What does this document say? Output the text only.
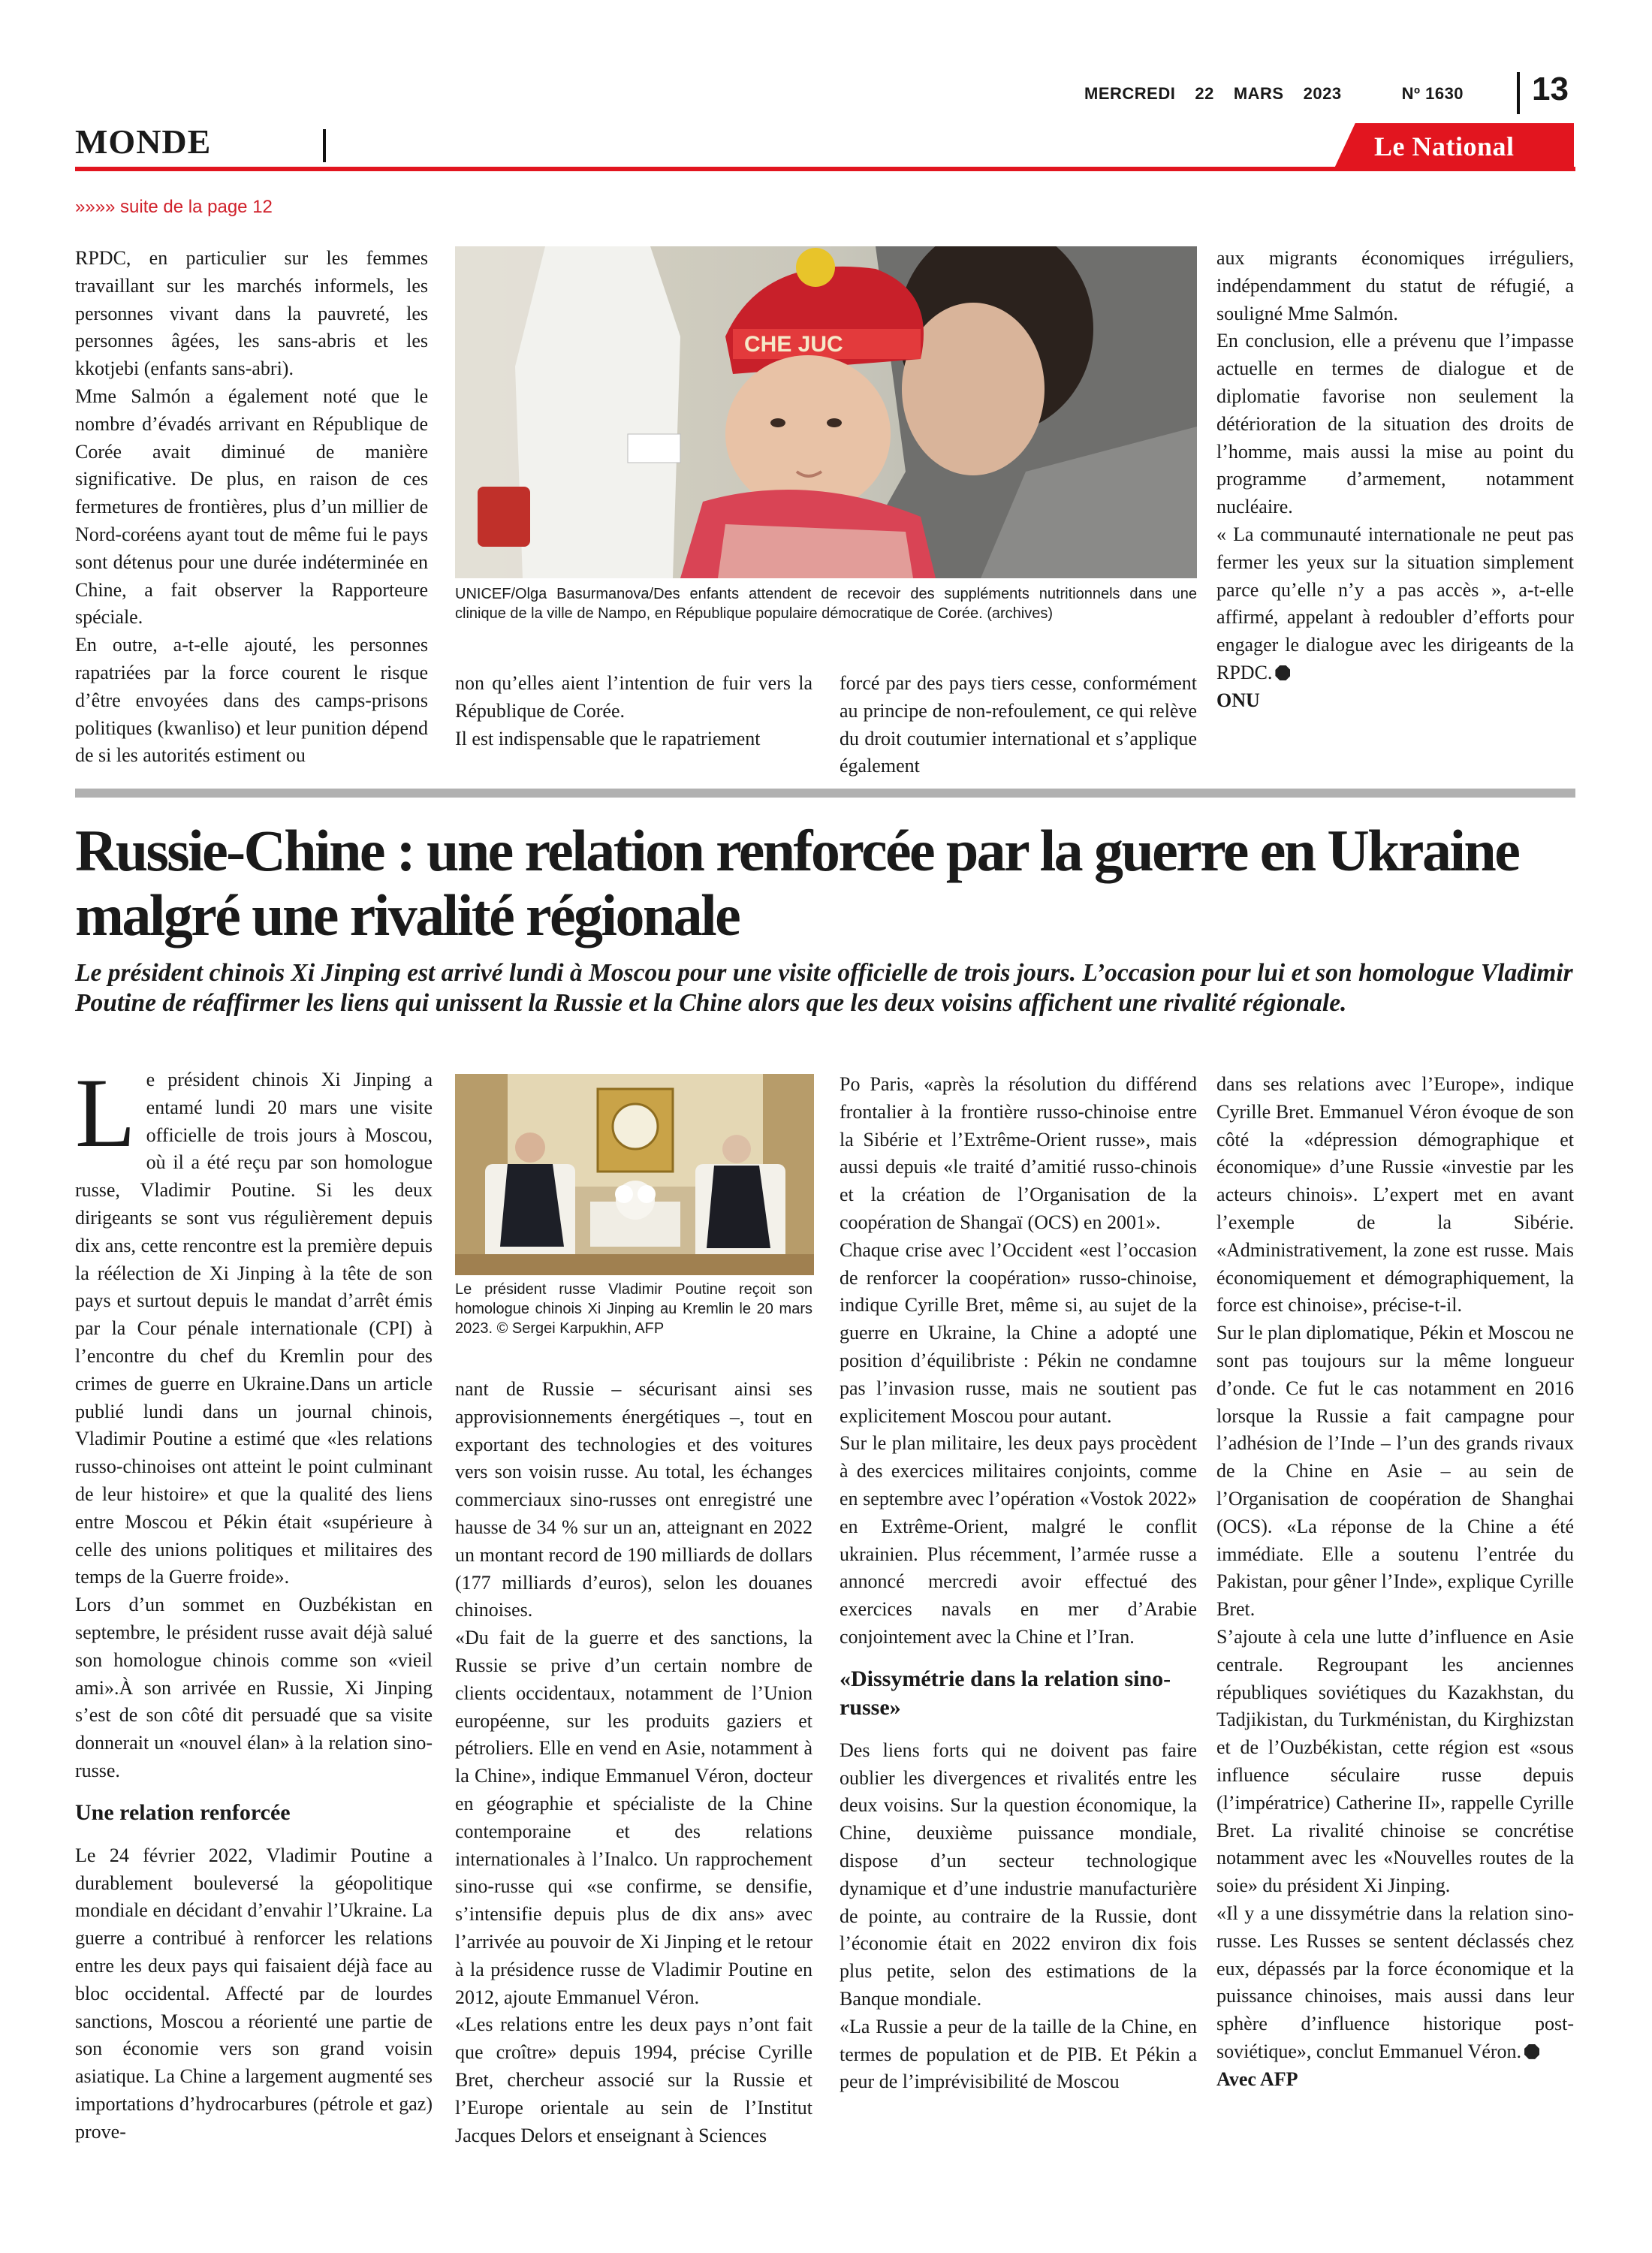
MERCREDI 22 MARS 2023	Nº 1630	13
MONDE	Le National
»»»» suite de la page 12

RPDC, en particulier sur les femmes travaillant sur les marchés informels, les personnes vivant dans la pauvreté, les personnes âgées, les sans-abris et les kkotjebi (enfants sans-abri).

Mme Salmón a également noté que le nombre d’évadés arrivant en République de Corée avait diminué de manière significative. De plus, en raison de ces fermetures de frontières, plus d’un millier de Nord-coréens ayant tout de même fui le pays sont détenus pour une durée indéterminée en Chine, a fait observer la Rapporteure spéciale.

En outre, a-t-elle ajouté, les personnes rapatriées par la force courent le risque d’être envoyées dans des camps-prisons politiques (kwanliso) et leur punition dépend de si les autorités estiment ou

CHE JUC
UNICEF/Olga Basurmanova/Des enfants attendent de recevoir des suppléments nutritionnels dans une clinique de la ville de Nampo, en République populaire démocratique de Corée. (archives)

non qu’elles aient l’intention de fuir vers la République de Corée.

Il est indispensable que le rapatriement

forcé par des pays tiers cesse, conformément au principe de non-refoulement, ce qui relève du droit coutumier international et s’applique également

aux migrants économiques irréguliers, indépendamment du statut de réfugié, a souligné Mme Salmón.

En conclusion, elle a prévenu que l’impasse actuelle en termes de dialogue et de diplomatie favorise non seulement la détérioration de la situation des droits de l’homme, mais aussi la mise au point du programme d’armement, notamment nucléaire.

« La communauté internationale ne peut pas fermer les yeux sur la situation simplement parce qu’elle n’y a pas accès », a-t-elle affirmé, appelant à redoubler d’efforts pour engager le dialogue avec les dirigeants de la RPDC.

ONU

Russie-Chine : une relation renforcée par la guerre en Ukraine malgré une rivalité régionale
Le président chinois Xi Jinping est arrivé lundi à Moscou pour une visite officielle de trois jours. L’occasion pour lui et son homologue Vladimir Poutine de réaffirmer les liens qui unissent la Russie et la Chine alors que les deux voisins affichent une rivalité régionale.

Le président chinois Xi Jinping a entamé lundi 20 mars une visite officielle de trois jours à Moscou, où il a été reçu par son homologue russe, Vladimir Poutine. Si les deux dirigeants se sont vus régulièrement depuis dix ans, cette rencontre est la première depuis la réélection de Xi Jinping à la tête de son pays et surtout depuis le mandat d’arrêt émis par la Cour pénale internationale (CPI) à l’encontre du chef du Kremlin pour des crimes de guerre en Ukraine.Dans un article publié lundi dans un journal chinois, Vladimir Poutine a estimé que «les relations russo-chinoises ont atteint le point culminant de leur histoire» et que la qualité des liens entre Moscou et Pékin était «supérieure à celle des unions politiques et militaires des temps de la Guerre froide».

Lors d’un sommet en Ouzbékistan en septembre, le président russe avait déjà salué son homologue chinois comme son «vieil ami».À son arrivée en Russie, Xi Jinping s’est de son côté dit persuadé que sa visite donnerait un «nouvel élan» à la relation sino-russe.

Une relation renforcée

Le 24 février 2022, Vladimir Poutine a durablement bouleversé la géopolitique mondiale en décidant d’envahir l’Ukraine. La guerre a contribué à renforcer les relations entre les deux pays qui faisaient déjà face au bloc occidental. Affecté par de lourdes sanctions, Moscou a réorienté une partie de son économie vers son grand voisin asiatique. La Chine a largement augmenté ses importations d’hydrocarbures (pétrole et gaz) prove-

Le président russe Vladimir Poutine reçoit son homologue chinois Xi Jinping au Kremlin le 20 mars 2023. © Sergei Karpukhin, AFP

nant de Russie – sécurisant ainsi ses approvisionnements énergétiques –, tout en exportant des technologies et des voitures vers son voisin russe. Au total, les échanges commerciaux sino-russes ont enregistré une hausse de 34 % sur un an, atteignant en 2022 un montant record de 190 milliards de dollars (177 milliards d’euros), selon les douanes chinoises.

«Du fait de la guerre et des sanctions, la Russie se prive d’un certain nombre de clients occidentaux, notamment de l’Union européenne, sur les produits gaziers et pétroliers. Elle en vend en Asie, notamment à la Chine», indique Emmanuel Véron, docteur en géographie et spécialiste de la Chine contemporaine et des relations internationales à l’Inalco. Un rapprochement sino-russe qui «se confirme, se densifie, s’intensifie depuis plus de dix ans» avec l’arrivée au pouvoir de Xi Jinping et le retour à la présidence russe de Vladimir Poutine en 2012, ajoute Emmanuel Véron.

«Les relations entre les deux pays n’ont fait que croître» depuis 1994, précise Cyrille Bret, chercheur associé sur la Russie et l’Europe orientale au sein de l’Institut Jacques Delors et enseignant à Sciences

Po Paris, «après la résolution du différend frontalier à la frontière russo-chinoise entre la Sibérie et l’Extrême-Orient russe», mais aussi depuis «le traité d’amitié russo-chinois et la création de l’Organisation de la coopération de Shangaï (OCS) en 2001».

Chaque crise avec l’Occident «est l’occasion de renforcer la coopération» russo-chinoise, indique Cyrille Bret, même si, au sujet de la guerre en Ukraine, la Chine a adopté une position d’équilibriste : Pékin ne condamne pas l’invasion russe, mais ne soutient pas explicitement Moscou pour autant.

Sur le plan militaire, les deux pays procèdent à des exercices militaires conjoints, comme en septembre avec l’opération «Vostok 2022» en Extrême-Orient, malgré le conflit ukrainien. Plus récemment, l’armée russe a annoncé mercredi avoir effectué des exercices navals en mer d’Arabie conjointement avec la Chine et l’Iran.

«Dissymétrie dans la relation sino-russe»

Des liens forts qui ne doivent pas faire oublier les divergences et rivalités entre les deux voisins. Sur la question économique, la Chine, deuxième puissance mondiale, dispose d’un secteur technologique dynamique et d’une industrie manufacturière de pointe, au contraire de la Russie, dont l’économie était en 2022 environ dix fois plus petite, selon des estimations de la Banque mondiale.

«La Russie a peur de la taille de la Chine, en termes de population et de PIB. Et Pékin a peur de l’imprévisibilité de Moscou

dans ses relations avec l’Europe», indique Cyrille Bret. Emmanuel Véron évoque de son côté la «dépression démographique et économique» d’une Russie «investie par les acteurs chinois». L’expert met en avant l’exemple de la Sibérie. «Administrativement, la zone est russe. Mais économiquement et démographiquement, la force est chinoise», précise-t-il.

Sur le plan diplomatique, Pékin et Moscou ne sont pas toujours sur la même longueur d’onde. Ce fut le cas notamment en 2016 lorsque la Russie a fait campagne pour l’adhésion de l’Inde – l’un des grands rivaux de la Chine en Asie – au sein de l’Organisation de coopération de Shanghai (OCS). «La réponse de la Chine a été immédiate. Elle a soutenu l’entrée du Pakistan, pour gêner l’Inde», explique Cyrille Bret.

S’ajoute à cela une lutte d’influence en Asie centrale. Regroupant les anciennes républiques soviétiques du Kazakhstan, du Tadjikistan, du Turkménistan, du Kirghizstan et de l’Ouzbékistan, cette région est «sous influence séculaire russe depuis (l’impératrice) Catherine II», rappelle Cyrille Bret. La rivalité chinoise se concrétise notamment avec les «Nouvelles routes de la soie» du président Xi Jinping.

«Il y a une dissymétrie dans la relation sino-russe. Les Russes se sentent déclassés chez eux, dépassés par la force économique et la puissance chinoises, mais aussi dans leur sphère d’influence historique post-soviétique», conclut Emmanuel Véron.

Avec AFP
